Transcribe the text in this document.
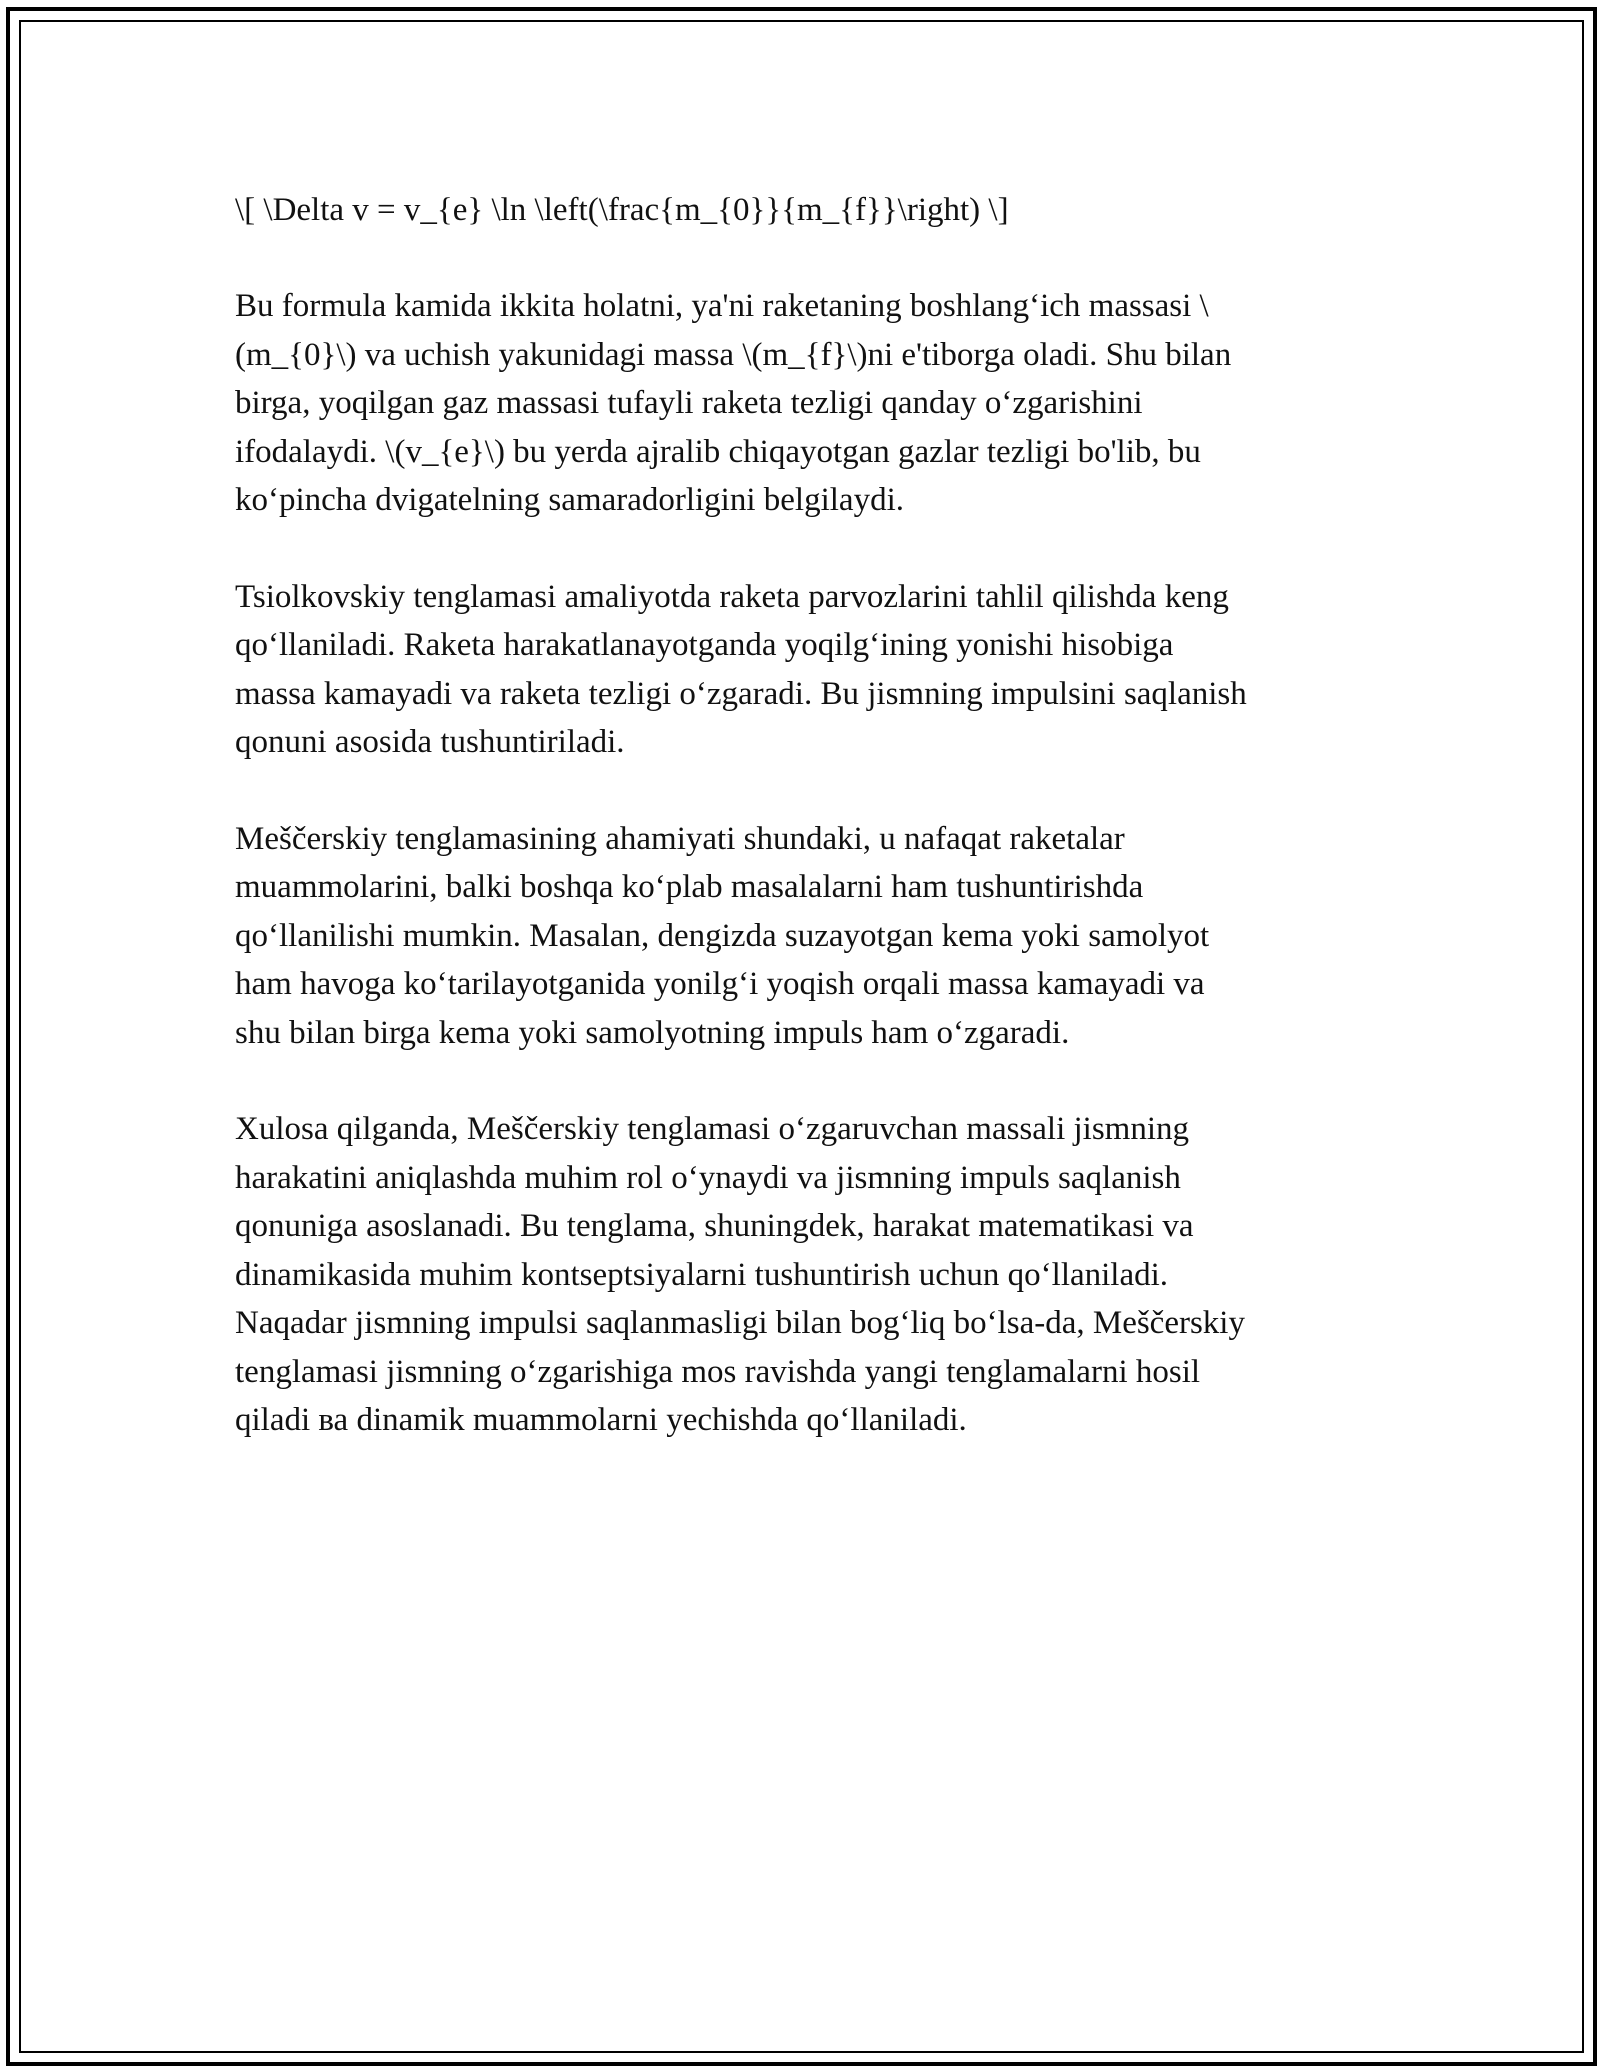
\[ \Delta v = v_{e} \ln \left(\frac{m_{0}}{m_{f}}\right) \]
Bu formula kamida ikkita holatni, ya'ni raketaning boshlang‘ich massasi \
(m_{0}\) va uchish yakunidagi massa \(m_{f}\)ni e'tiborga oladi. Shu bilan
birga, yoqilgan gaz massasi tufayli raketa tezligi qanday o‘zgarishini
ifodalaydi. \(v_{e}\) bu yerda ajralib chiqayotgan gazlar tezligi bo'lib, bu
ko‘pincha dvigatelning samaradorligini belgilaydi.
Tsiolkovskiy tenglamasi amaliyotda raketa parvozlarini tahlil qilishda keng
qo‘llaniladi. Raketa harakatlanayotganda yoqilg‘ining yonishi hisobiga
massa kamayadi va raketa tezligi o‘zgaradi. Bu jismning impulsini saqlanish
qonuni asosida tushuntiriladi.
Meščerskiy tenglamasining ahamiyati shundaki, u nafaqat raketalar
muammolarini, balki boshqa ko‘plab masalalarni ham tushuntirishda
qo‘llanilishi mumkin. Masalan, dengizda suzayotgan kema yoki samolyot
ham havoga ko‘tarilayotganida yonilg‘i yoqish orqali massa kamayadi va
shu bilan birga kema yoki samolyotning impuls ham o‘zgaradi.
Xulosa qilganda, Meščerskiy tenglamasi o‘zgaruvchan massali jismning
harakatini aniqlashda muhim rol o‘ynaydi va jismning impuls saqlanish
qonuniga asoslanadi. Bu tenglama, shuningdek, harakat matematikasi va
dinamikasida muhim kontseptsiyalarni tushuntirish uchun qo‘llaniladi.
Naqadar jismning impulsi saqlanmasligi bilan bog‘liq bo‘lsa-da, Meščerskiy
tenglamasi jismning o‘zgarishiga mos ravishda yangi tenglamalarni hosil
qiladi ва dinamik muammolarni yechishda qo‘llaniladi.
